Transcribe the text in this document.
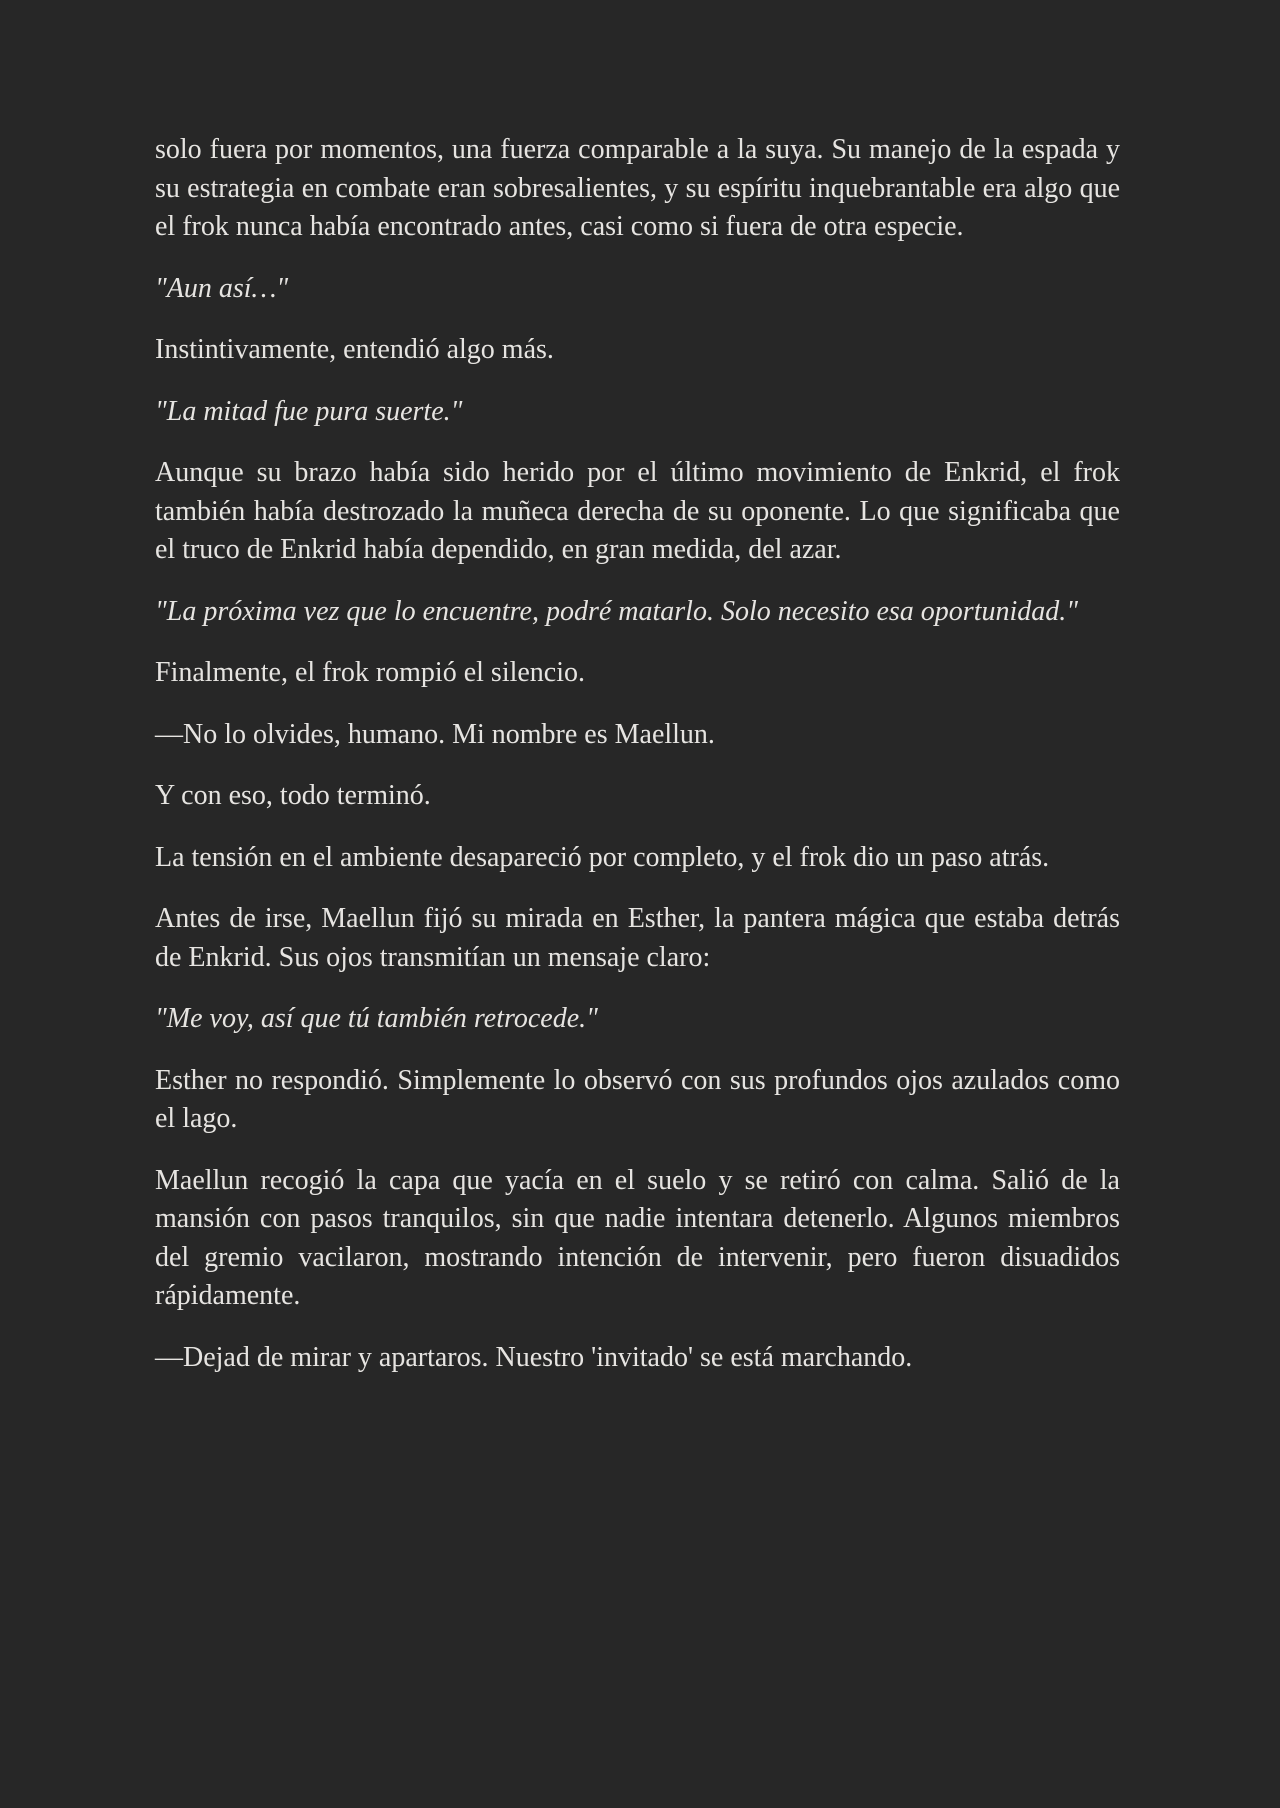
solo fuera por momentos, una fuerza comparable a la suya. Su manejo de la espada y su estrategia en combate eran sobresalientes, y su espíritu inquebrantable era algo que el frok nunca había encontrado antes, casi como si fuera de otra especie.

"Aun así…"

Instintivamente, entendió algo más.

"La mitad fue pura suerte."

Aunque su brazo había sido herido por el último movimiento de Enkrid, el frok también había destrozado la muñeca derecha de su oponente. Lo que significaba que el truco de Enkrid había dependido, en gran medida, del azar.

"La próxima vez que lo encuentre, podré matarlo. Solo necesito esa oportunidad."

Finalmente, el frok rompió el silencio.

—No lo olvides, humano. Mi nombre es Maellun.

Y con eso, todo terminó.

La tensión en el ambiente desapareció por completo, y el frok dio un paso atrás.

Antes de irse, Maellun fijó su mirada en Esther, la pantera mágica que estaba detrás de Enkrid. Sus ojos transmitían un mensaje claro:

"Me voy, así que tú también retrocede."

Esther no respondió. Simplemente lo observó con sus profundos ojos azulados como el lago.

Maellun recogió la capa que yacía en el suelo y se retiró con calma. Salió de la mansión con pasos tranquilos, sin que nadie intentara detenerlo. Algunos miembros del gremio vacilaron, mostrando intención de intervenir, pero fueron disuadidos rápidamente.

—Dejad de mirar y apartaros. Nuestro 'invitado' se está marchando.
